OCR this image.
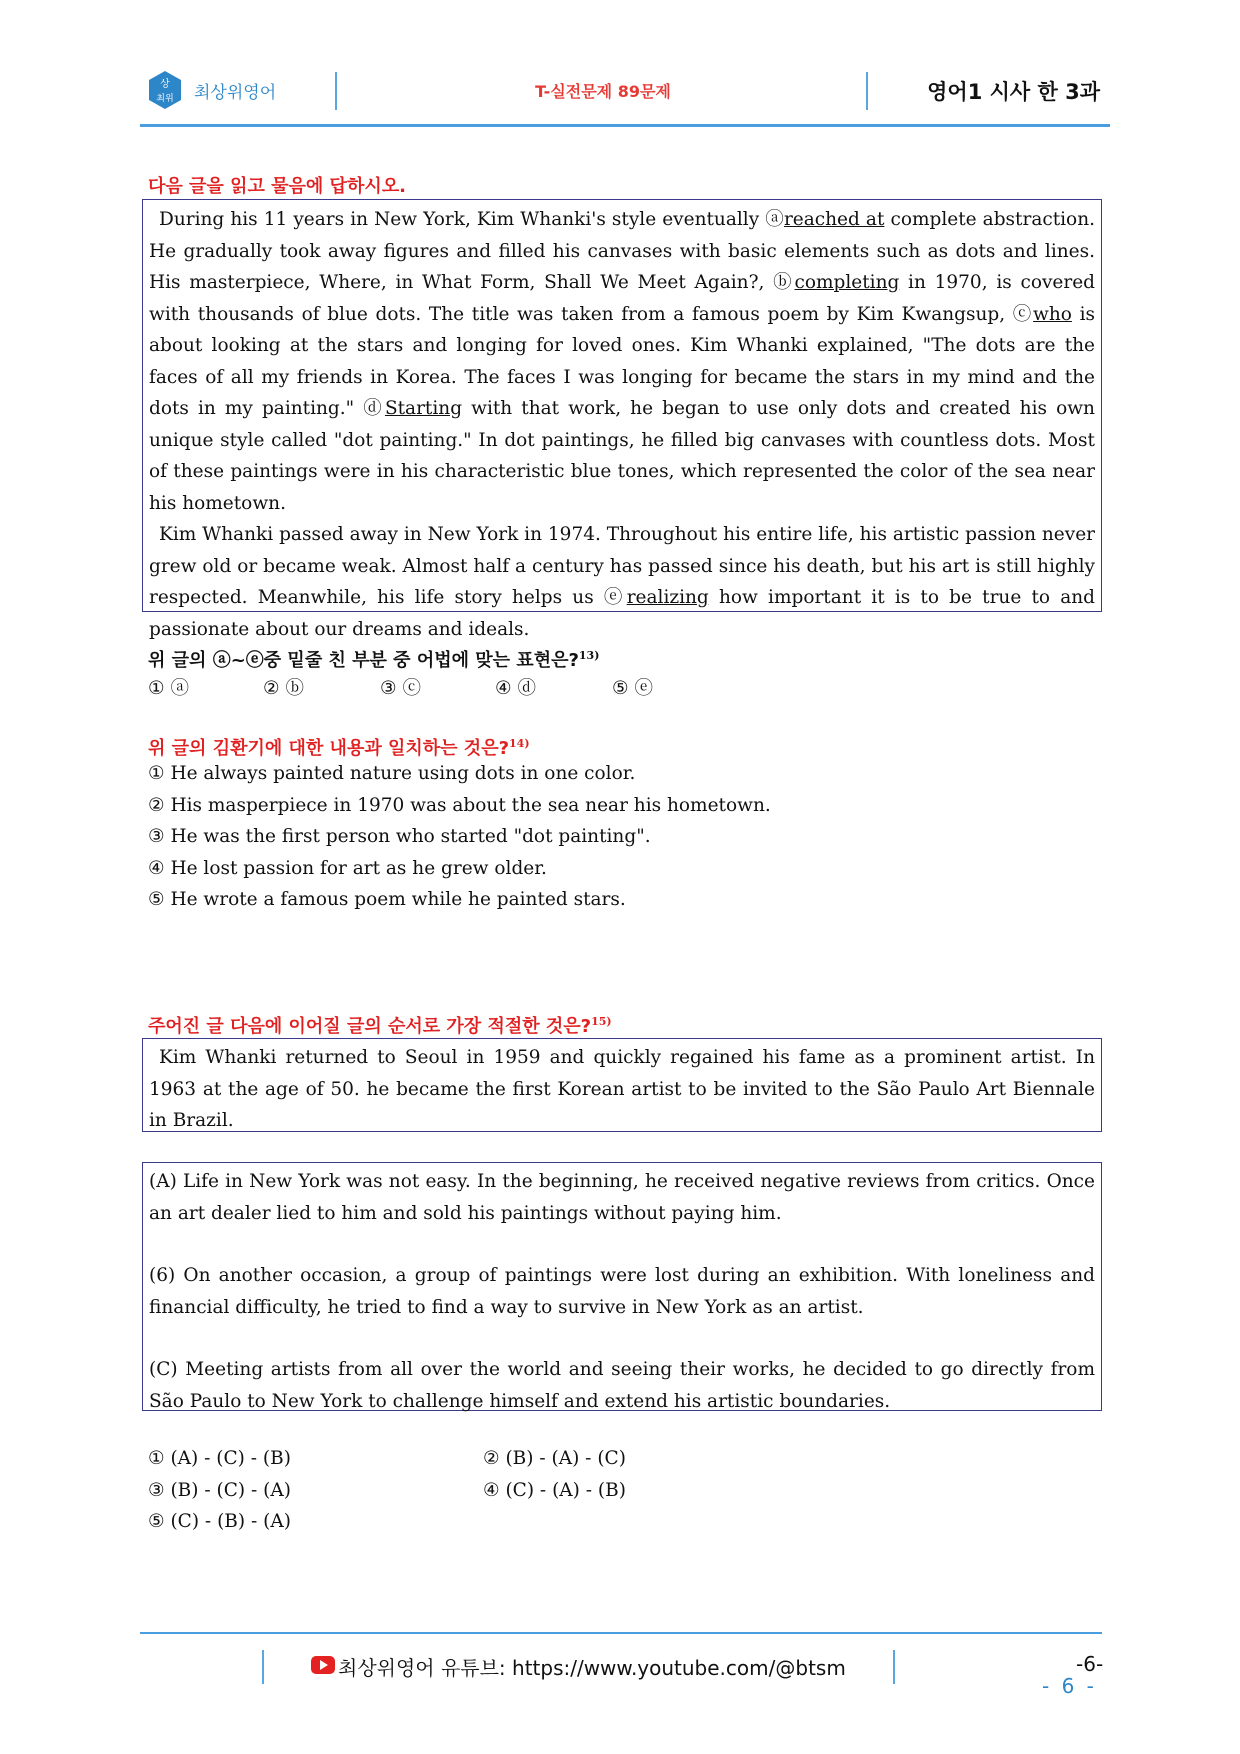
상
최위 최상위영어	T-실전문제 89문제	영어1 시사 한 3과
다음 글을 읽고 물음에 답하시오.

During his 11 years in New York, Kim Whanki's style eventually ⓐreached at complete abstraction. He gradually took away figures and filled his canvases with basic elements such as dots and lines. His masterpiece, Where, in What Form, Shall We Meet Again?, ⓑcompleting in 1970, is covered with thousands of blue dots. The title was taken from a famous poem by Kim Kwangsup, ⓒwho is about looking at the stars and longing for loved ones. Kim Whanki explained, "The dots are the faces of all my friends in Korea. The faces I was longing for became the stars in my mind and the dots in my painting." ⓓStarting with that work, he began to use only dots and created his own unique style called "dot painting." In dot paintings, he filled big canvases with countless dots. Most of these paintings were in his characteristic blue tones, which represented the color of the sea near his hometown.

Kim Whanki passed away in New York in 1974. Throughout his entire life, his artistic passion never grew old or became weak. Almost half a century has passed since his death, but his art is still highly respected. Meanwhile, his life story helps us ⓔrealizing how important it is to be true to and passionate about our dreams and ideals.

위 글의 ⓐ~ⓔ중 밑줄 친 부분 중 어법에 맞는 표현은?$^{13)}$
① ⓐ	② ⓑ	③ ⓒ	④ ⓓ	⑤ ⓔ
위 글의 김환기에 대한 내용과 일치하는 것은?$^{14)}$
① He always painted nature using dots in one color.
② His masperpiece in 1970 was about the sea near his hometown.
③ He was the first person who started "dot painting".
④ He lost passion for art as he grew older.
⑤ He wrote a famous poem while he painted stars.
주어진 글 다음에 이어질 글의 순서로 가장 적절한 것은?$^{15)}$

Kim Whanki returned to Seoul in 1959 and quickly regained his fame as a prominent artist. In 1963 at the age of 50. he became the first Korean artist to be invited to the São Paulo Art Biennale in Brazil.

(A) Life in New York was not easy. In the beginning, he received negative reviews from critics. Once an art dealer lied to him and sold his paintings without paying him.

(6) On another occasion, a group of paintings were lost during an exhibition. With loneliness and financial difficulty, he tried to find a way to survive in New York as an artist.

(C) Meeting artists from all over the world and seeing their works, he decided to go directly from São Paulo to New York to challenge himself and extend his artistic boundaries.

① (A) - (C) - (B)	② (B) - (A) - (C)
③ (B) - (C) - (A)	④ (C) - (A) - (B)
⑤ (C) - (B) - (A)
최상위영어 유튜브: https://www.youtube.com/@btsm	-6-
- 6 -
